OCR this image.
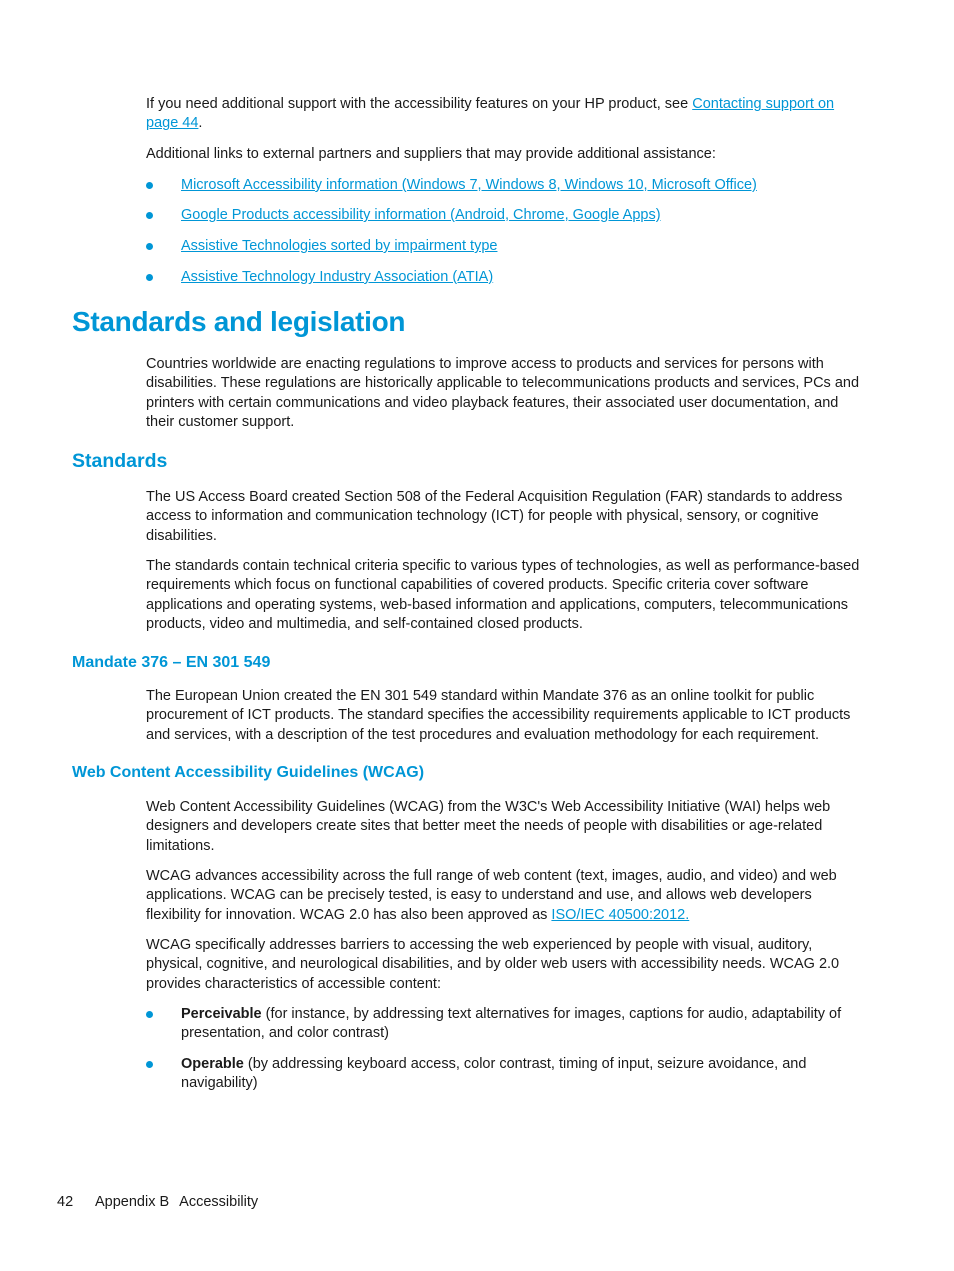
If you need additional support with the accessibility features on your HP product, see Contacting support on page 44.

Additional links to external partners and suppliers that may provide additional assistance:

Microsoft Accessibility information (Windows 7, Windows 8, Windows 10, Microsoft Office)
Google Products accessibility information (Android, Chrome, Google Apps)
Assistive Technologies sorted by impairment type
Assistive Technology Industry Association (ATIA)
Standards and legislation

Countries worldwide are enacting regulations to improve access to products and services for persons with disabilities. These regulations are historically applicable to telecommunications products and services, PCs and printers with certain communications and video playback features, their associated user documentation, and their customer support.

Standards

The US Access Board created Section 508 of the Federal Acquisition Regulation (FAR) standards to address access to information and communication technology (ICT) for people with physical, sensory, or cognitive disabilities.

The standards contain technical criteria specific to various types of technologies, as well as performance-based requirements which focus on functional capabilities of covered products. Specific criteria cover software applications and operating systems, web-based information and applications, computers, telecommunications products, video and multimedia, and self-contained closed products.

Mandate 376 – EN 301 549

The European Union created the EN 301 549 standard within Mandate 376 as an online toolkit for public procurement of ICT products. The standard specifies the accessibility requirements applicable to ICT products and services, with a description of the test procedures and evaluation methodology for each requirement.

Web Content Accessibility Guidelines (WCAG)

Web Content Accessibility Guidelines (WCAG) from the W3C's Web Accessibility Initiative (WAI) helps web designers and developers create sites that better meet the needs of people with disabilities or age-related limitations.

WCAG advances accessibility across the full range of web content (text, images, audio, and video) and web applications. WCAG can be precisely tested, is easy to understand and use, and allows web developers flexibility for innovation. WCAG 2.0 has also been approved as ISO/IEC 40500:2012.

WCAG specifically addresses barriers to accessing the web experienced by people with visual, auditory, physical, cognitive, and neurological disabilities, and by older web users with accessibility needs. WCAG 2.0 provides characteristics of accessible content:

Perceivable (for instance, by addressing text alternatives for images, captions for audio, adaptability of presentation, and color contrast)
Operable (by addressing keyboard access, color contrast, timing of input, seizure avoidance, and navigability)
42 Appendix B Accessibility
